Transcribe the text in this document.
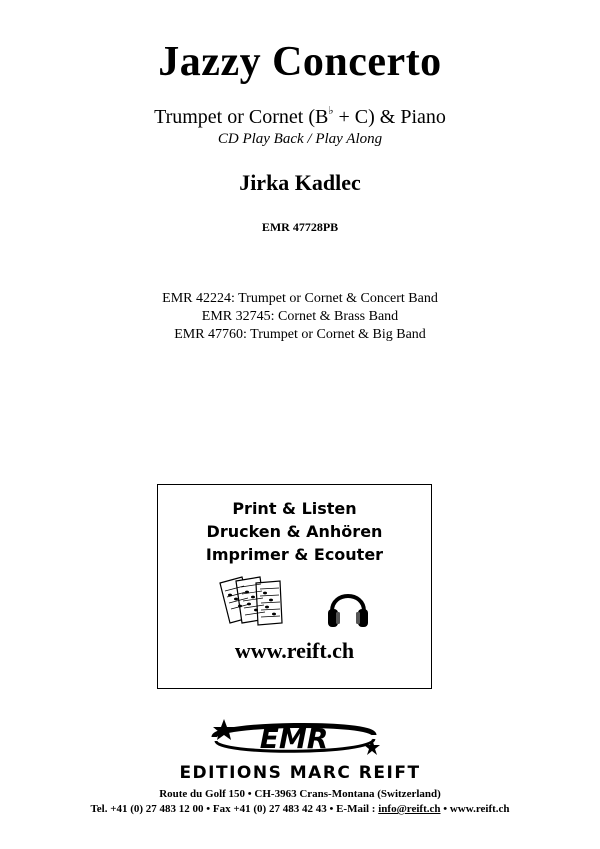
Jazzy Concerto
Trumpet or Cornet (B♭ + C) & Piano
CD Play Back / Play Along
Jirka Kadlec
EMR 47728PB
EMR 42224: Trumpet or Cornet & Concert Band
EMR 32745: Cornet & Brass Band
EMR 47760: Trumpet or Cornet & Big Band
Print & Listen
Drucken & Anhören
Imprimer & Ecouter
www.reift.ch
EMR
EDITIONS MARC REIFT
Route du Golf 150 • CH-3963 Crans-Montana (Switzerland)
Tel. +41 (0) 27 483 12 00 • Fax +41 (0) 27 483 42 43 • E-Mail : info@reift.ch • www.reift.ch
